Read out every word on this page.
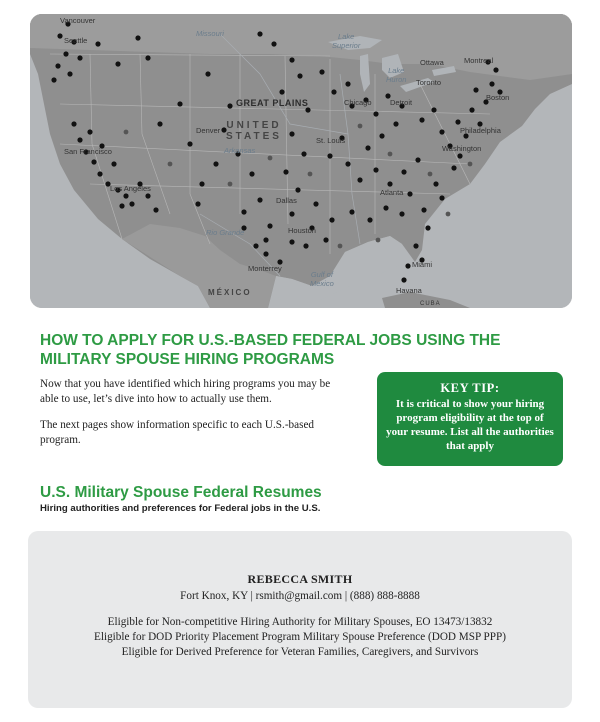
Vancouver
Seattle
Missouri	Lake
Superior
Ottawa	Montreal
Toronto
Lake
Huron
Boston
GREAT PLAINS	Chicago Detroit
UNITED
STATES
Denver
St. Louis
Philadelphia
Washington
San Francisco
Los Angeles
Arkansas
Dallas
Atlanta
Houston
Rio Grande
Monterrey
Gulf of
Mexico
Miami
Havana
MÉXICO
CUBA
HOW TO APPLY FOR U.S.-BASED FEDERAL JOBS USING THE MILITARY SPOUSE HIRING PROGRAMS

Now that you have identified which hiring programs you may be able to use, let’s dive into how to actually use them.

The next pages show information specific to each U.S.-based program.

KEY TIP:
It is critical to show your hiring program eligibility at the top of your resume. List all the authorities that apply
U.S. Military Spouse Federal Resumes
Hiring authorities and preferences for Federal jobs in the U.S.
REBECCA SMITH
Fort Knox, KY | rsmith@gmail.com | (888) 888-8888
Eligible for Non-competitive Hiring Authority for Military Spouses, EO 13473/13832
Eligible for DOD Priority Placement Program Military Spouse Preference (DOD MSP PPP)
Eligible for Derived Preference for Veteran Families, Caregivers, and Survivors
